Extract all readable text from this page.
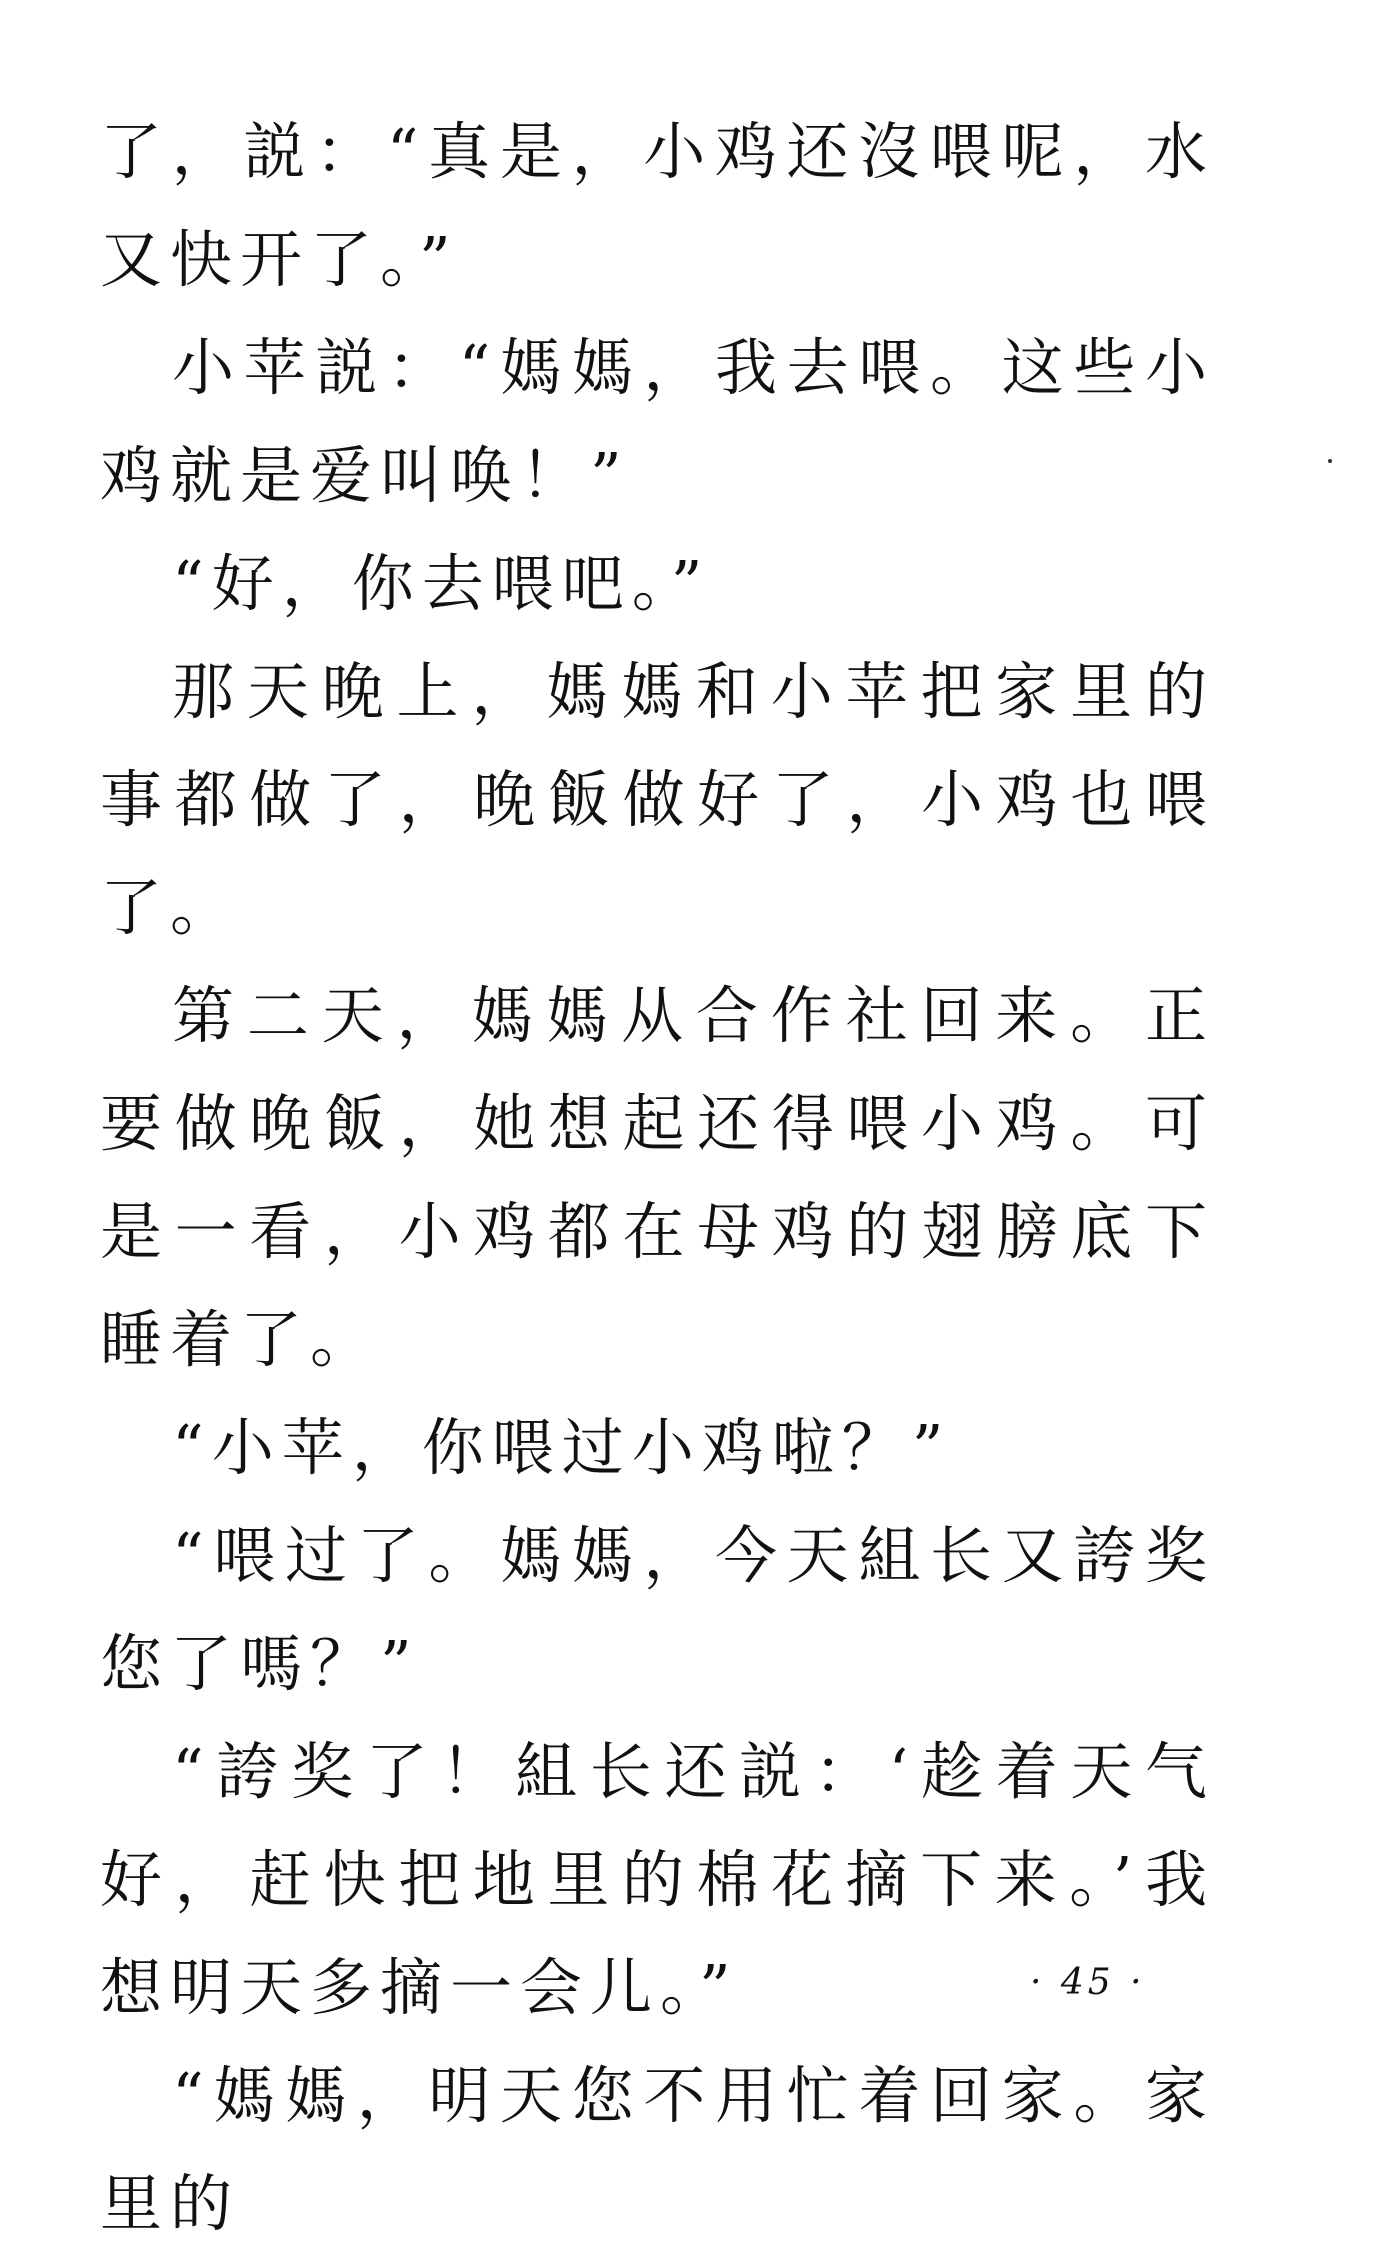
了，説：“真是，小鸡还沒喂呢，水又快开了。”

小苹説：“媽媽，我去喂。这些小鸡就是爱叫唤！”

“好，你去喂吧。”

那天晚上，媽媽和小苹把家里的事都做了，晚飯做好了，小鸡也喂了。

第二天，媽媽从合作社回来。正要做晚飯，她想起还得喂小鸡。可是一看，小鸡都在母鸡的翅膀底下睡着了。

“小苹，你喂过小鸡啦？”

“喂过了。媽媽，今天組长又誇奖您了嗎？”

“誇奖了！組长还説：‘趁着天气好，赶快把地里的棉花摘下来。’我想明天多摘一会儿。”

“媽媽，明天您不用忙着回家。家里的

· 45 ·
